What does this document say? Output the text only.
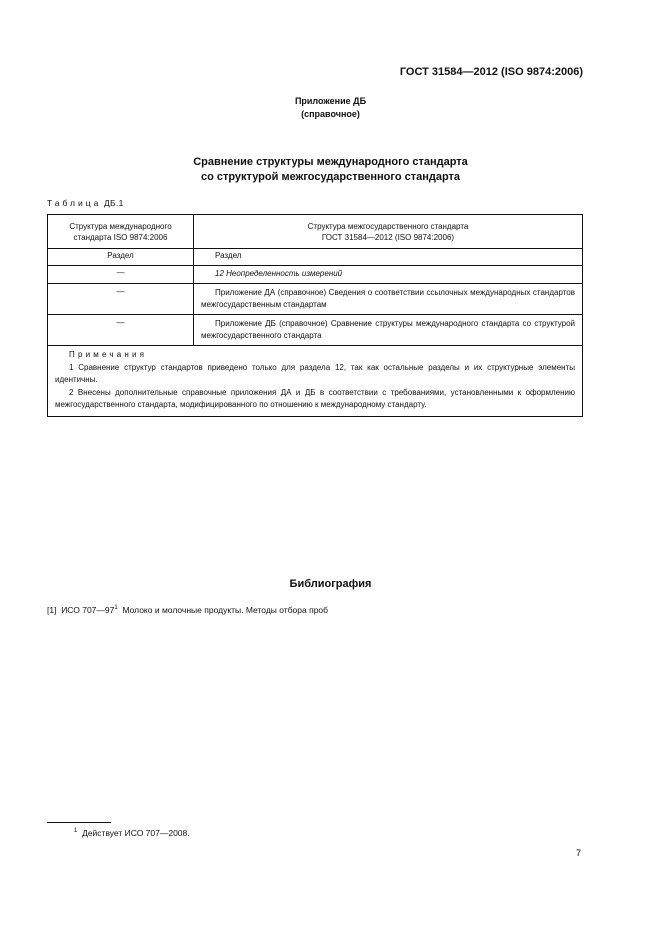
ГОСТ 31584—2012 (ISO 9874:2006)
Приложение ДБ
(справочное)
Сравнение структуры международного стандарта
со структурой межгосударственного стандарта
Таблица ДБ.1
Структура международного
стандарта ISO 9874:2006	Структура межгосударственного стандарта
ГОСТ 31584—2012 (ISO 9874:2006)

Раздел	Раздел

—	12 Неопределенность измерений

—	Приложение ДА (справочное) Сведения о соответствии ссылочных международных стандартов межгосударственным стандартам

—	Приложение ДБ (справочное) Сравнение структуры международного стандарта со структурой межгосударственного стандарта

Примечания
1 Сравнение структур стандартов приведено только для раздела 12, так как остальные разделы и их структурные элементы идентичны.
2 Внесены дополнительные справочные приложения ДА и ДБ в соответствии с требованиями, установленными к оформлению межгосударственного стандарта, модифицированного по отношению к международному стандарту.	
Библиография
[1] ИСО $707—97^1$ Молоко и молочные продукты. Методы отбора проб
$^1$ Действует ИСО 707—2008.
7
